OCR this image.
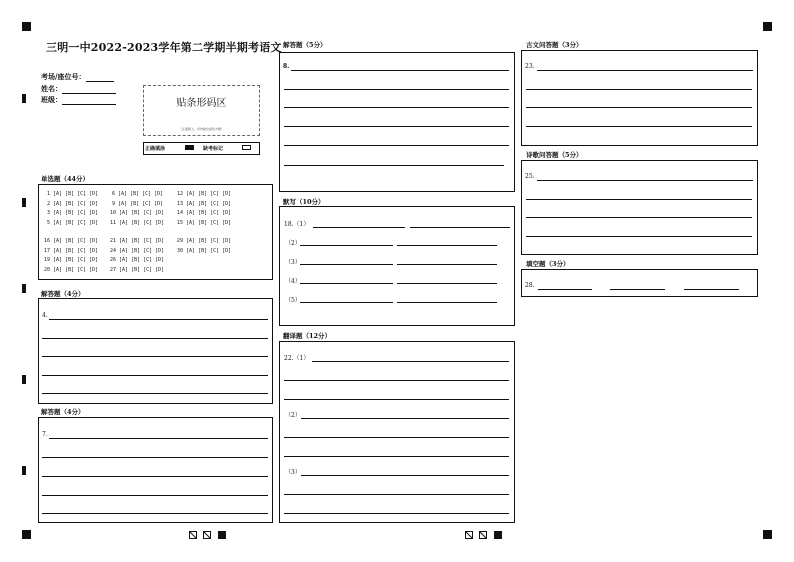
三明一中2022-2023学年第二学期半期考语文
考场/座位号：
姓名：
班级：	贴条形码区
（正面朝上，切勿贴出虚线方框）
正确填涂	缺考标记
单选题（44分）
1 [A] [B] [C] [D]
2 [A] [B] [C] [D]
3 [A] [B] [C] [D]
5 [A] [B] [C] [D]
6 [A] [B] [C] [D]
9 [A] [B] [C] [D]
10 [A] [B] [C] [D]
11 [A] [B] [C] [D]
12 [A] [B] [C] [D]
13 [A] [B] [C] [D]
14 [A] [B] [C] [D]
15 [A] [B] [C] [D]
16 [A] [B] [C] [D]
17 [A] [B] [C] [D]
19 [A] [B] [C] [D]
20 [A] [B] [C] [D]
21 [A] [B] [C] [D]
24 [A] [B] [C] [D]
26 [A] [B] [C] [D]
27 [A] [B] [C] [D]
29 [A] [B] [C] [D]
30 [A] [B] [C] [D]
解答题（4分）
4.
解答题（4分）
7.
解答题（5分）
8.
默写（10分）
18.（1）
（2）
（3）
（4）
（5）
翻译题（12分）
22.（1）
（2）
（3）
古文问答题（3分）
23.
诗歌问答题（5分）
25.
填空题（3分）
28.
